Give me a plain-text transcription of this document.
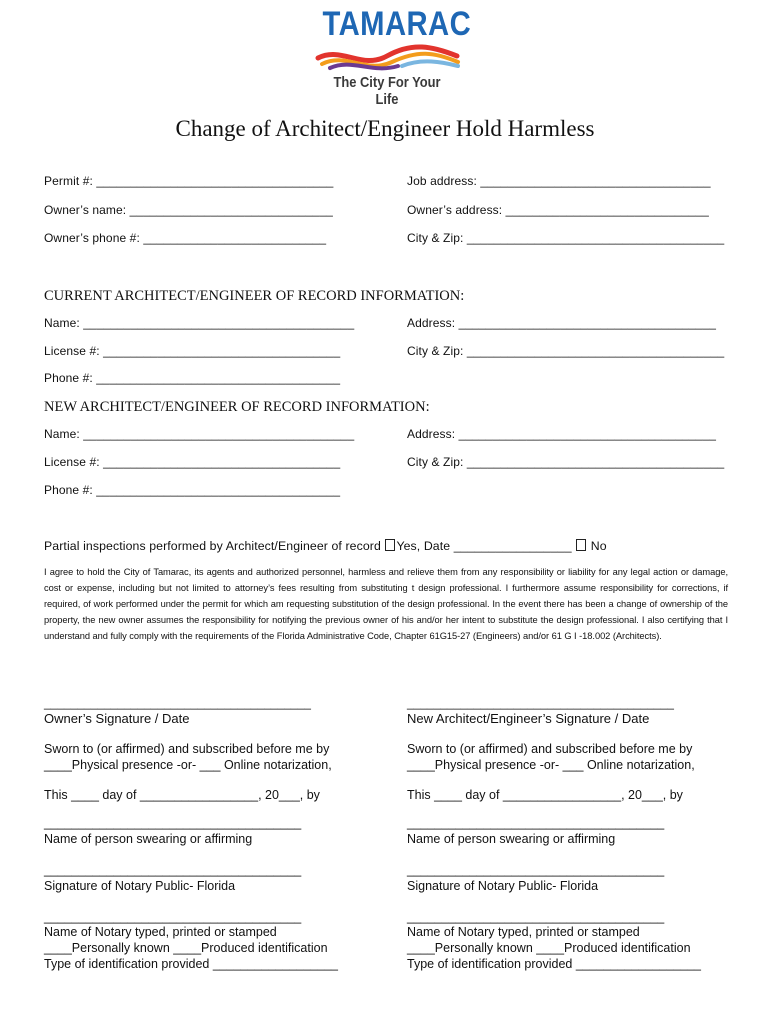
TAMARAC
The City For Your Life
Change of Architect/Engineer Hold Harmless
Permit #: ___________________________________	Job address: __________________________________
Owner’s name: ______________________________	Owner’s address: ______________________________
Owner’s phone #: ___________________________	City & Zip: ______________________________________
CURRENT ARCHITECT/ENGINEER OF RECORD INFORMATION:
Name: ________________________________________	Address: ______________________________________
License #: ___________________________________	City & Zip: ______________________________________
Phone #: ____________________________________
NEW ARCHITECT/ENGINEER OF RECORD INFORMATION:
Name: ________________________________________	Address: ______________________________________
License #: ___________________________________	City & Zip: ______________________________________
Phone #: ____________________________________
Partial inspections performed by Architect/Engineer of record Yes, Date _________________  No
I agree to hold the City of Tamarac, its agents and authorized personnel, harmless and relieve them from any responsibility or liability for any legal action or damage, cost or expense, including but not limited to attorney’s fees resulting from substituting t design professional. I furthermore assume responsibility for corrections, if required, of work performed under the permit for which am requesting substitution of the design professional. In the event there has been a change of ownership of the property, the new owner assumes the responsibility for notifying the previous owner of his and/or her intent to substitute the design professional. I also certifying that I understand and fully comply with the requirements of the Florida Administrative Code, Chapter 61G15-27 (Engineers) and/or 61 G I -18.002 (Architects).
________________________________________
Owner’s Signature / Date
________________________________________
New Architect/Engineer’s Signature / Date
Sworn to (or affirmed) and subscribed before me by
____Physical presence -or- ___ Online notarization,
Sworn to (or affirmed) and subscribed before me by
____Physical presence -or- ___ Online notarization,
This ____ day of _________________, 20___, by	This ____ day of _________________, 20___, by
_____________________________________
Name of person swearing or affirming
_____________________________________
Name of person swearing or affirming
_____________________________________
Signature of Notary Public- Florida
_____________________________________
Signature of Notary Public- Florida
_____________________________________
Name of Notary typed, printed or stamped
____Personally known ____Produced identification
Type of identification provided __________________
_____________________________________
Name of Notary typed, printed or stamped
____Personally known ____Produced identification
Type of identification provided __________________
